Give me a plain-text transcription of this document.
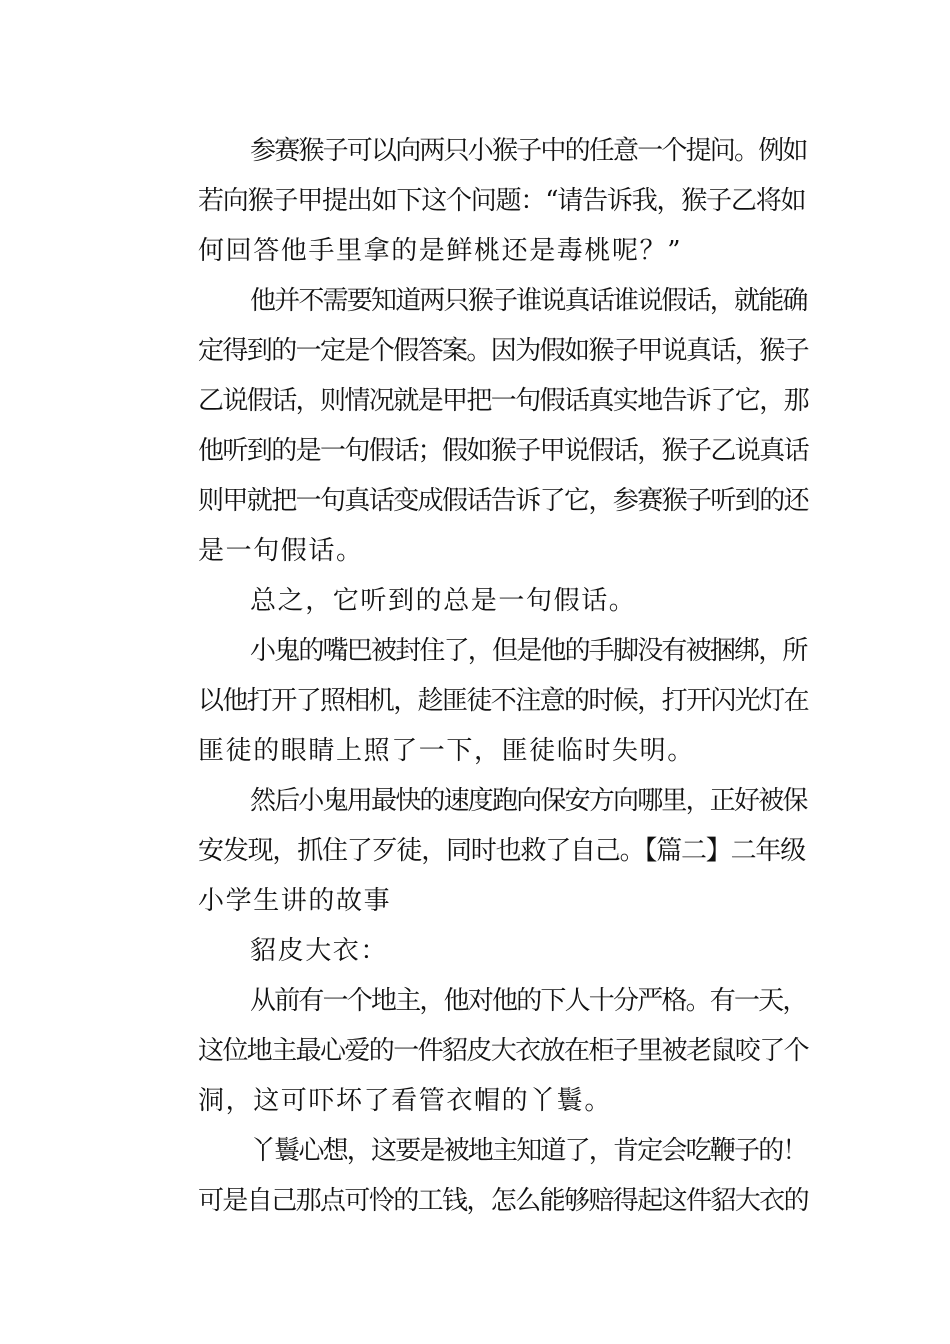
参赛猴子可以向两只小猴子中的任意一个提问。例如
若向猴子甲提出如下这个问题：“请告诉我，猴子乙将如
何回答他手里拿的是鲜桃还是毒桃呢？”

他并不需要知道两只猴子谁说真话谁说假话，就能确
定得到的一定是个假答案。因为假如猴子甲说真话，猴子
乙说假话，则情况就是甲把一句假话真实地告诉了它，那
他听到的是一句假话；假如猴子甲说假话，猴子乙说真话
则甲就把一句真话变成假话告诉了它，参赛猴子听到的还
是一句假话。

总之，它听到的总是一句假话。

小鬼的嘴巴被封住了，但是他的手脚没有被捆绑，所
以他打开了照相机，趁匪徒不注意的时候，打开闪光灯在
匪徒的眼睛上照了一下，匪徒临时失明。

然后小鬼用最快的速度跑向保安方向哪里，正好被保
安发现，抓住了歹徒，同时也救了自己。【篇二】二年级
小学生讲的故事

貂皮大衣：

从前有一个地主，他对他的下人十分严格。有一天，
这位地主最心爱的一件貂皮大衣放在柜子里被老鼠咬了个
洞，这可吓坏了看管衣帽的丫鬟。

丫鬟心想，这要是被地主知道了，肯定会吃鞭子的！
可是自己那点可怜的工钱，怎么能够赔得起这件貂大衣的
